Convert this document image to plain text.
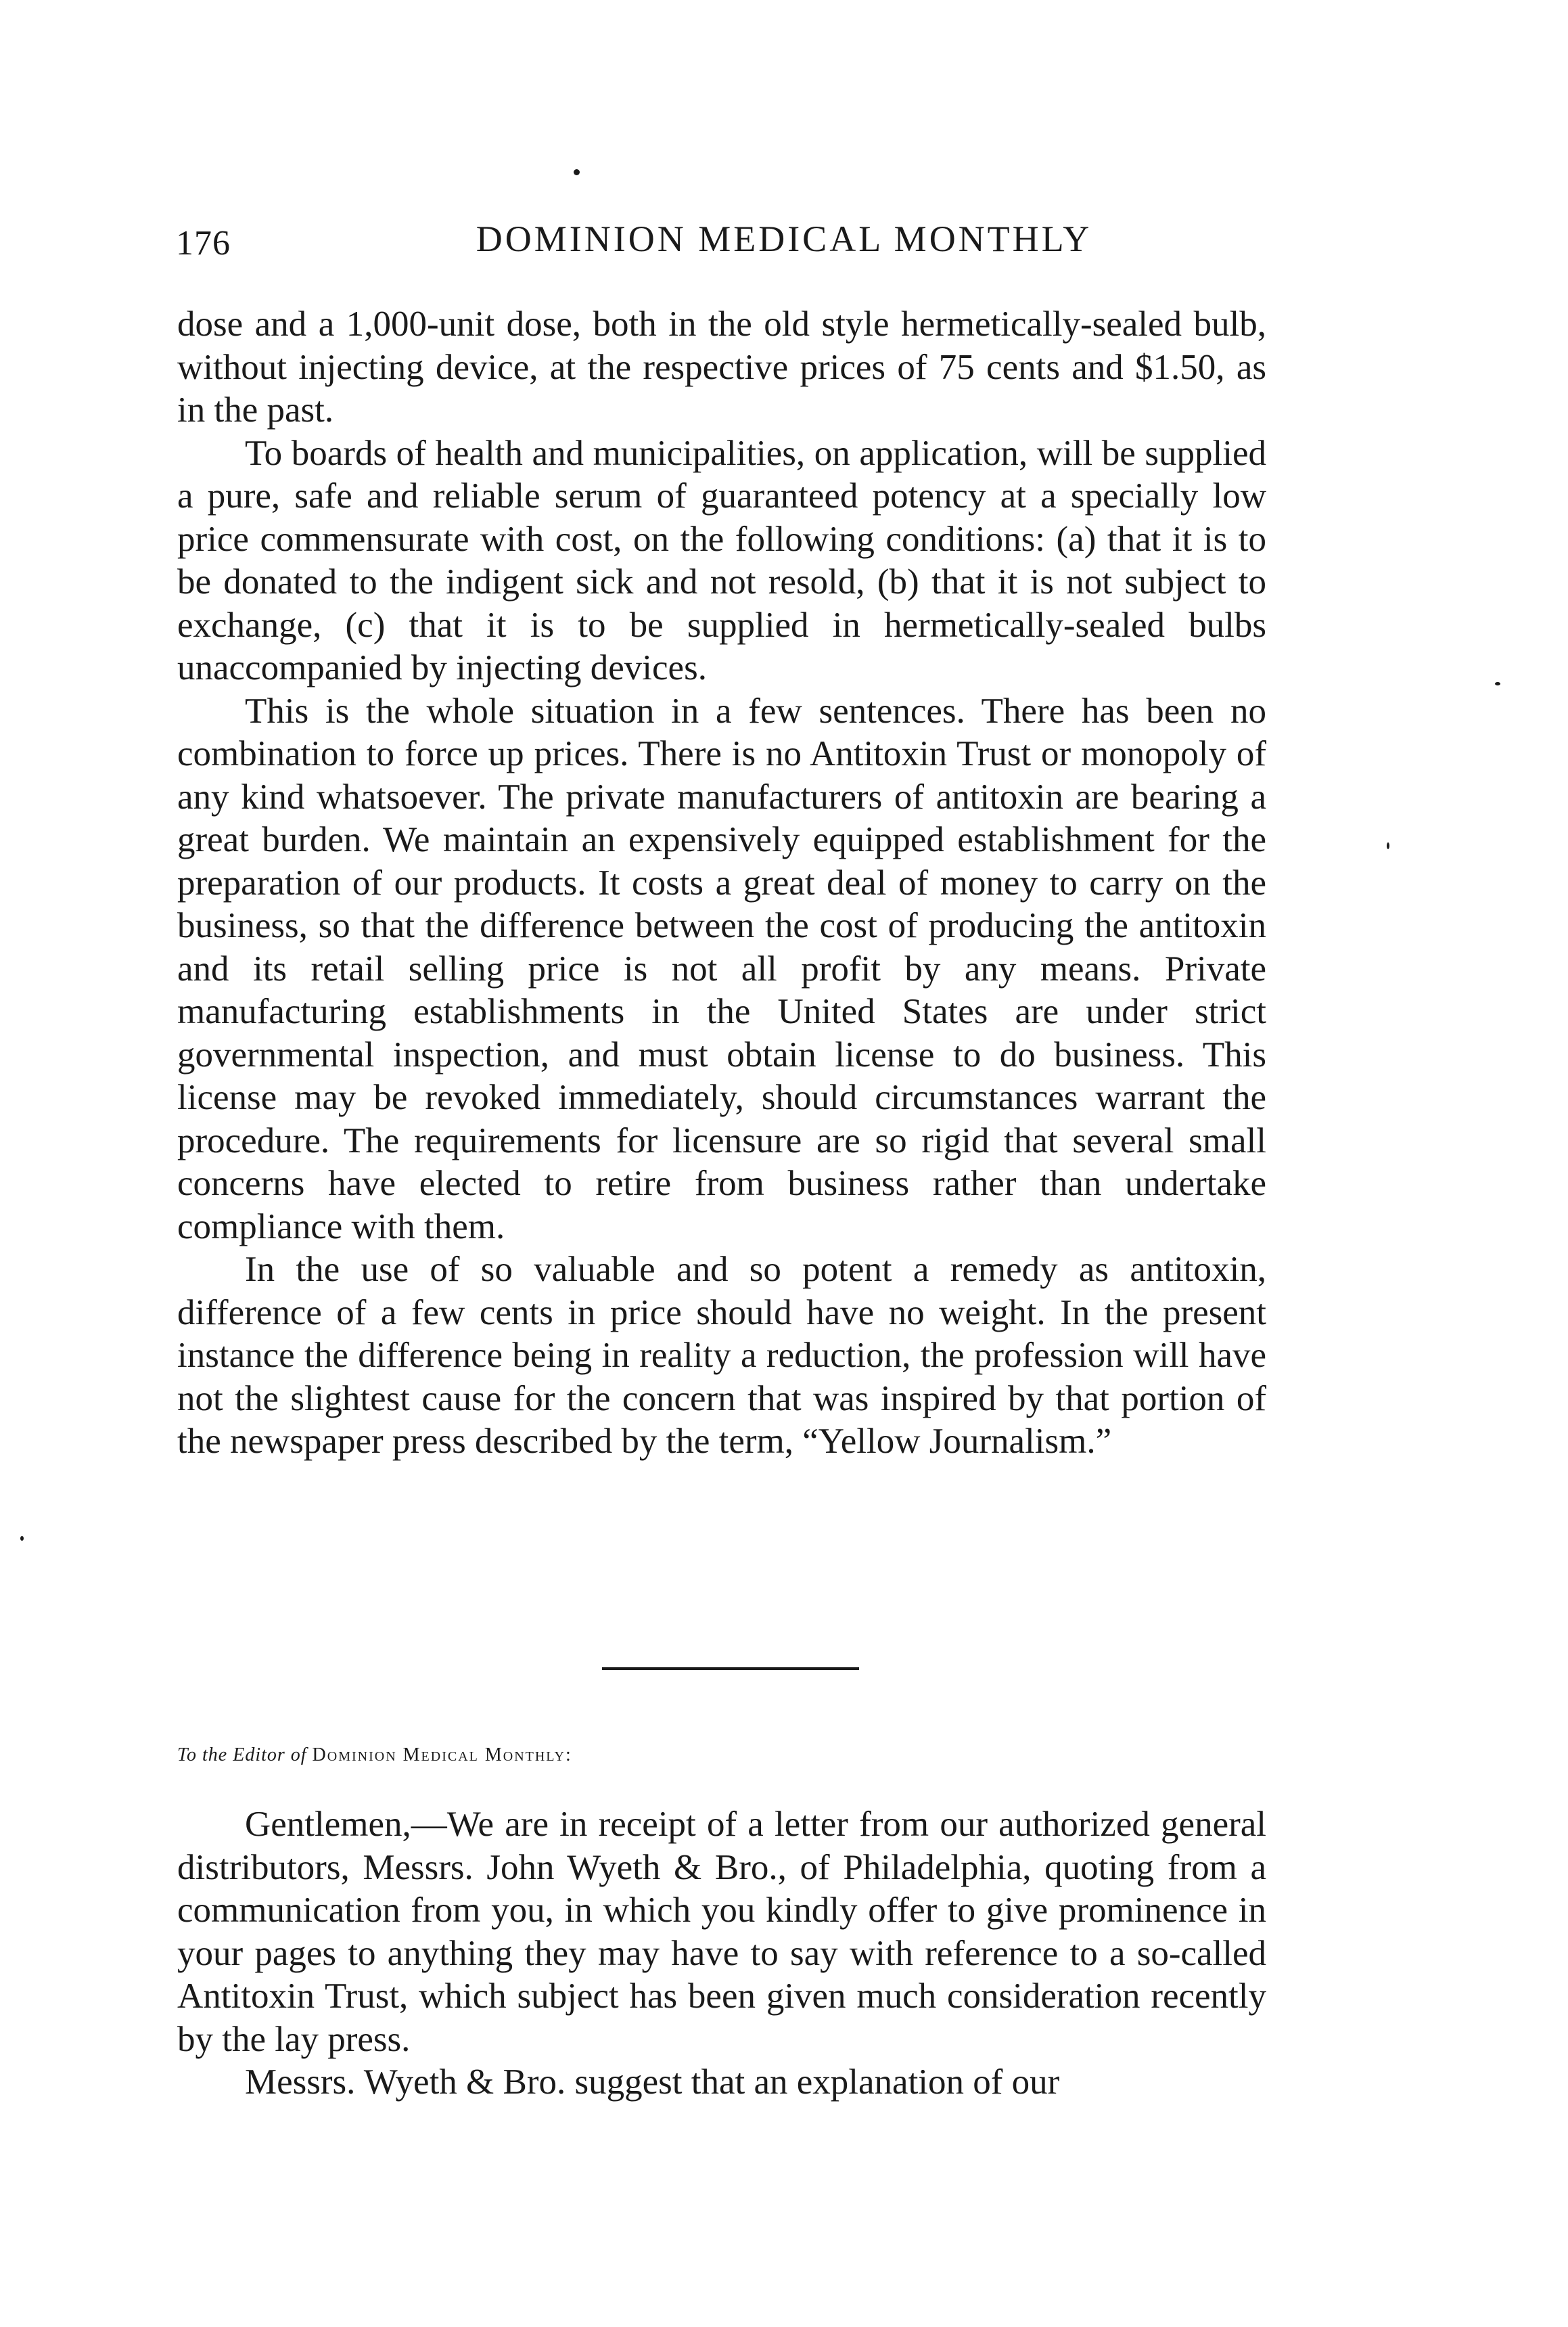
176	DOMINION MEDICAL MONTHLY

dose and a 1,000-unit dose, both in the old style hermetically-sealed bulb, without injecting device, at the respective prices of 75 cents and $1.50, as in the past.

To boards of health and municipalities, on application, will be supplied a pure, safe and reliable serum of guaranteed potency at a specially low price commensurate with cost, on the following conditions: (a) that it is to be donated to the indigent sick and not resold, (b) that it is not subject to exchange, (c) that it is to be supplied in hermetically-sealed bulbs unaccompanied by injecting devices.

This is the whole situation in a few sentences. There has been no combination to force up prices. There is no Antitoxin Trust or monopoly of any kind whatsoever. The private manufacturers of antitoxin are bearing a great burden. We maintain an expensively equipped establishment for the preparation of our products. It costs a great deal of money to carry on the business, so that the difference between the cost of producing the antitoxin and its retail selling price is not all profit by any means. Private manufacturing establishments in the United States are under strict governmental inspection, and must obtain license to do business. This license may be revoked immediately, should circumstances warrant the procedure. The requirements for licensure are so rigid that several small concerns have elected to retire from business rather than undertake compliance with them.

In the use of so valuable and so potent a remedy as antitoxin, difference of a few cents in price should have no weight. In the present instance the difference being in reality a reduction, the profession will have not the slightest cause for the concern that was inspired by that portion of the newspaper press described by the term, “Yellow Journalism.”

To the Editor of Dominion Medical Monthly:

Gentlemen,—We are in receipt of a letter from our authorized general distributors, Messrs. John Wyeth & Bro., of Philadelphia, quoting from a communication from you, in which you kindly offer to give prominence in your pages to anything they may have to say with reference to a so-called Antitoxin Trust, which subject has been given much consideration recently by the lay press.

Messrs. Wyeth & Bro. suggest that an explanation of our
